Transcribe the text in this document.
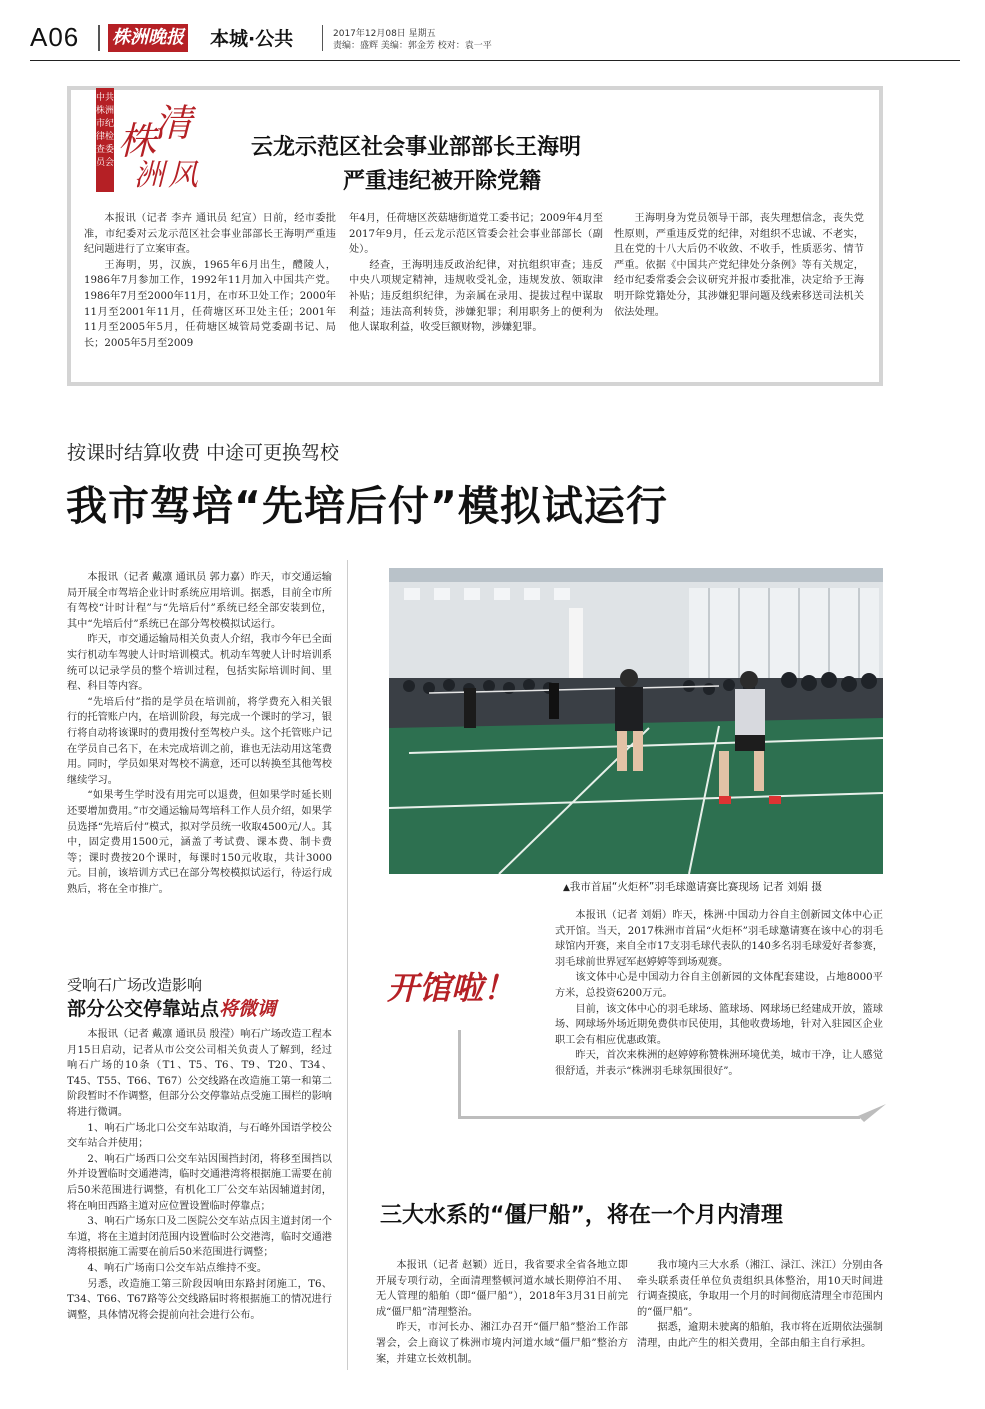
A06 株洲晚报 本城·公共	2017年12月08日 星期五
责编：盛辉 美编：郭金芳 校对：袁一平
中共株洲市纪律检查委员会 株
清
洲 风
云龙示范区社会事业部部长王海明
严重违纪被开除党籍

本报讯（记者 李卉 通讯员 纪宣）日前，经市委批准，市纪委对云龙示范区社会事业部部长王海明严重违纪问题进行了立案审查。

王海明，男，汉族，1965年6月出生，醴陵人，1986年7月参加工作，1992年11月加入中国共产党。1986年7月至2000年11月，在市环卫处工作；2000年11月至2001年11月，任荷塘区环卫处主任；2001年11月至2005年5月，任荷塘区城管局党委副书记、局长；2005年5月至2009

年4月，任荷塘区茨菇塘街道党工委书记；2009年4月至2017年9月，任云龙示范区管委会社会事业部部长（副处）。

经查，王海明违反政治纪律，对抗组织审查；违反中央八项规定精神，违规收受礼金，违规发放、领取津补贴；违反组织纪律，为亲属在录用、提拔过程中谋取利益；违法高利转贷，涉嫌犯罪；利用职务上的便利为他人谋取利益，收受巨额财物，涉嫌犯罪。

王海明身为党员领导干部，丧失理想信念，丧失党性原则，严重违反党的纪律，对组织不忠诚、不老实，且在党的十八大后仍不收敛、不收手，性质恶劣、情节严重。依据《中国共产党纪律处分条例》等有关规定，经市纪委常委会会议研究并报市委批准，决定给予王海明开除党籍处分，其涉嫌犯罪问题及线索移送司法机关依法处理。

按课时结算收费 中途可更换驾校
我市驾培“先培后付”模拟试运行

本报讯（记者 戴凛 通讯员 郭力嘉）昨天，市交通运输局开展全市驾培企业计时系统应用培训。据悉，目前全市所有驾校“计时计程”与“先培后付”系统已经全部安装到位，其中“先培后付”系统已在部分驾校模拟试运行。

昨天，市交通运输局相关负责人介绍，我市今年已全面实行机动车驾驶人计时培训模式。机动车驾驶人计时培训系统可以记录学员的整个培训过程，包括实际培训时间、里程、科目等内容。

“先培后付”指的是学员在培训前，将学费充入相关银行的托管账户内，在培训阶段，每完成一个课时的学习，银行将自动将该课时的费用拨付至驾校户头。这个托管账户记在学员自己名下，在未完成培训之前，谁也无法动用这笔费用。同时，学员如果对驾校不满意，还可以转换至其他驾校继续学习。

“如果考生学时没有用完可以退费，但如果学时延长则还要增加费用。”市交通运输局驾培科工作人员介绍，如果学员选择“先培后付”模式，拟对学员统一收取4500元/人。其中，固定费用1500元，涵盖了考试费、课本费、制卡费等；课时费按20个课时，每课时150元收取，共计3000元。目前，该培训方式已在部分驾校模拟试运行，待运行成熟后，将在全市推广。	▲我市首届“火炬杯”羽毛球邀请赛比赛现场 记者 刘娟 摄
开馆啦！

本报讯（记者 刘娟）昨天，株洲·中国动力谷自主创新园文体中心正式开馆。当天，2017株洲市首届“火炬杯”羽毛球邀请赛在该中心的羽毛球馆内开赛，来自全市17支羽毛球代表队的140多名羽毛球爱好者参赛，羽毛球前世界冠军赵婷婷等到场观赛。

该文体中心是中国动力谷自主创新园的文体配套建设，占地8000平方米，总投资6200万元。

目前，该文体中心的羽毛球场、篮球场、网球场已经建成开放，篮球场、网球场外场近期免费供市民使用，其他收费场地，针对入驻园区企业职工会有相应优惠政策。

昨天，首次来株洲的赵婷婷称赞株洲环境优美，城市干净，让人感觉很舒适，并表示“株洲羽毛球氛围很好”。

受响石广场改造影响
部分公交停靠站点将微调

本报讯（记者 戴凛 通讯员 殷滢）响石广场改造工程本月15日启动，记者从市公交公司相关负责人了解到，经过响石广场的10条（T1、T5、T6、T9、T20、T34、T45、T55、T66、T67）公交线路在改造施工第一和第二阶段暂时不作调整，但部分公交停靠站点受施工围栏的影响将进行微调。

1、响石广场北口公交车站取消，与石峰外国语学校公交车站合并使用；

2、响石广场西口公交车站因围挡封闭，将移至围挡以外并设置临时交通港湾，临时交通港湾将根据施工需要在前后50米范围进行调整，有机化工厂公交车站因辅道封闭，将在响田西路主道对应位置设置临时停靠点；

3、响石广场东口及二医院公交车站点因主道封闭一个车道，将在主道封闭范围内设置临时公交港湾，临时交通港湾将根据施工需要在前后50米范围进行调整；

4、响石广场南口公交车站点维持不变。

另悉，改造施工第三阶段因响田东路封闭施工，T6、T34、T66、T67路等公交线路届时将根据施工的情况进行调整，具体情况将会提前向社会进行公布。

三大水系的“僵尸船”，将在一个月内清理

本报讯（记者 赵颖）近日，我省要求全省各地立即开展专项行动，全面清理整顿河道水域长期停泊不用、无人管理的船舶（即“僵尸船”），2018年3月31日前完成“僵尸船”清理整治。

昨天，市河长办、湘江办召开“僵尸船”整治工作部署会，会上商议了株洲市境内河道水域“僵尸船”整治方案，并建立长效机制。

我市境内三大水系（湘江、渌江、洣江）分别由各牵头联系责任单位负责组织具体整治，用10天时间进行调查摸底，争取用一个月的时间彻底清理全市范围内的“僵尸船”。

据悉，逾期未驶离的船舶，我市将在近期依法强制清理，由此产生的相关费用，全部由船主自行承担。
